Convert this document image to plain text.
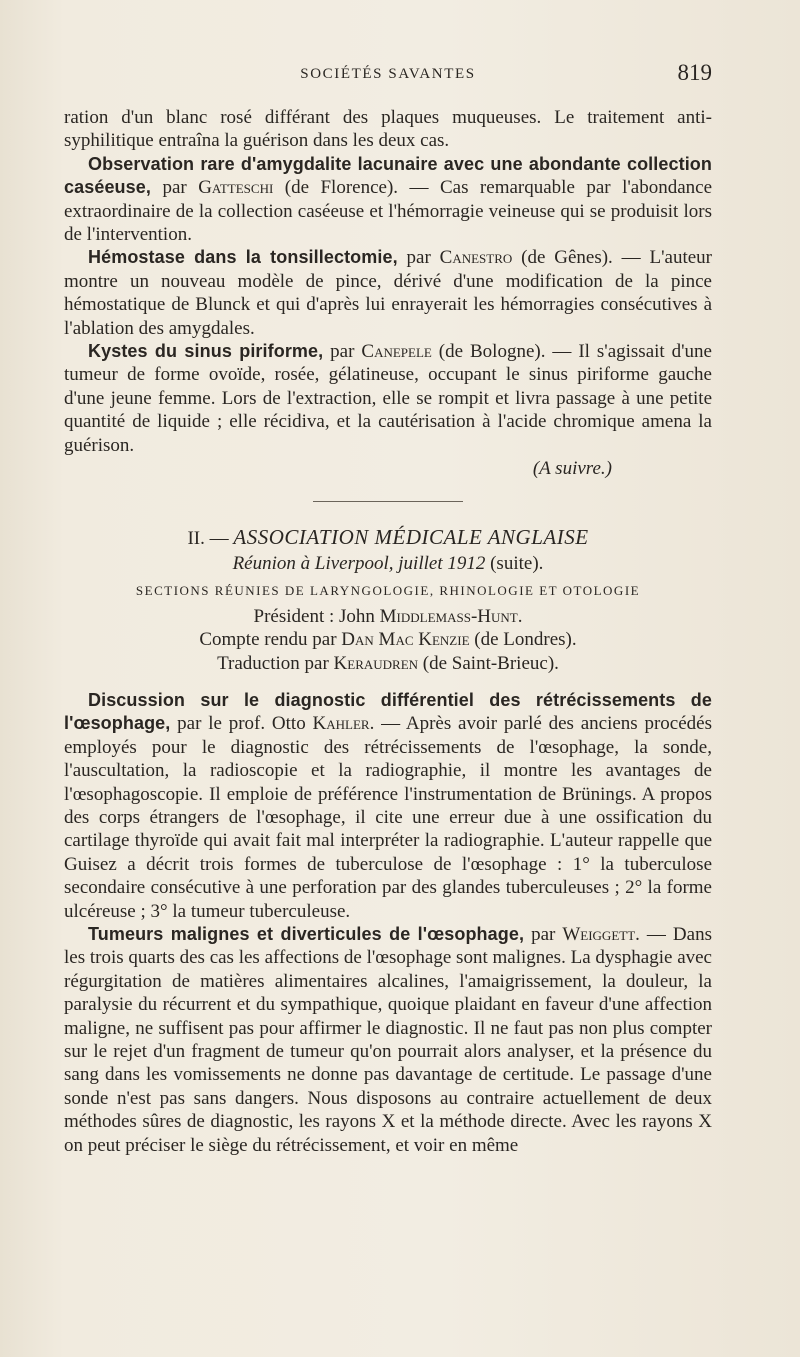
SOCIÉTÉS SAVANTES	819

ration d'un blanc rosé différant des plaques muqueuses. Le traitement anti-syphilitique entraîna la guérison dans les deux cas.

Observation rare d'amygdalite lacunaire avec une abondante collection caséeuse, par Gatteschi (de Florence). — Cas remarquable par l'abondance extraordinaire de la collection caséeuse et l'hémorragie veineuse qui se produisit lors de l'intervention.

Hémostase dans la tonsillectomie, par Canestro (de Gênes). — L'auteur montre un nouveau modèle de pince, dérivé d'une modification de la pince hémostatique de Blunck et qui d'après lui enrayerait les hémorragies consécutives à l'ablation des amygdales.

Kystes du sinus piriforme, par Canepele (de Bologne). — Il s'agissait d'une tumeur de forme ovoïde, rosée, gélatineuse, occupant le sinus piriforme gauche d'une jeune femme. Lors de l'extraction, elle se rompit et livra passage à une petite quantité de liquide ; elle récidiva, et la cautérisation à l'acide chromique amena la guérison.

(A suivre.)

II. — ASSOCIATION MÉDICALE ANGLAISE

Réunion à Liverpool, juillet 1912 (suite).

SECTIONS RÉUNIES DE LARYNGOLOGIE, RHINOLOGIE ET OTOLOGIE

Président : John Middlemass-Hunt.

Compte rendu par Dan Mac Kenzie (de Londres).

Traduction par Keraudren (de Saint-Brieuc).

Discussion sur le diagnostic différentiel des rétrécissements de l'œsophage, par le prof. Otto Kahler. — Après avoir parlé des anciens procédés employés pour le diagnostic des rétrécissements de l'œsophage, la sonde, l'auscultation, la radioscopie et la radiographie, il montre les avantages de l'œsophagoscopie. Il emploie de préférence l'instrumentation de Brünings. A propos des corps étrangers de l'œsophage, il cite une erreur due à une ossification du cartilage thyroïde qui avait fait mal interpréter la radiographie. L'auteur rappelle que Guisez a décrit trois formes de tuberculose de l'œsophage : 1° la tuberculose secondaire consécutive à une perforation par des glandes tuberculeuses ; 2° la forme ulcéreuse ; 3° la tumeur tuberculeuse.

Tumeurs malignes et diverticules de l'œsophage, par Weiggett. — Dans les trois quarts des cas les affections de l'œsophage sont malignes. La dysphagie avec régurgitation de matières alimentaires alcalines, l'amaigrissement, la douleur, la paralysie du récurrent et du sympathique, quoique plaidant en faveur d'une affection maligne, ne suffisent pas pour affirmer le diagnostic. Il ne faut pas non plus compter sur le rejet d'un fragment de tumeur qu'on pourrait alors analyser, et la présence du sang dans les vomissements ne donne pas davantage de certitude. Le passage d'une sonde n'est pas sans dangers. Nous disposons au contraire actuellement de deux méthodes sûres de diagnostic, les rayons X et la méthode directe. Avec les rayons X on peut préciser le siège du rétrécissement, et voir en même
